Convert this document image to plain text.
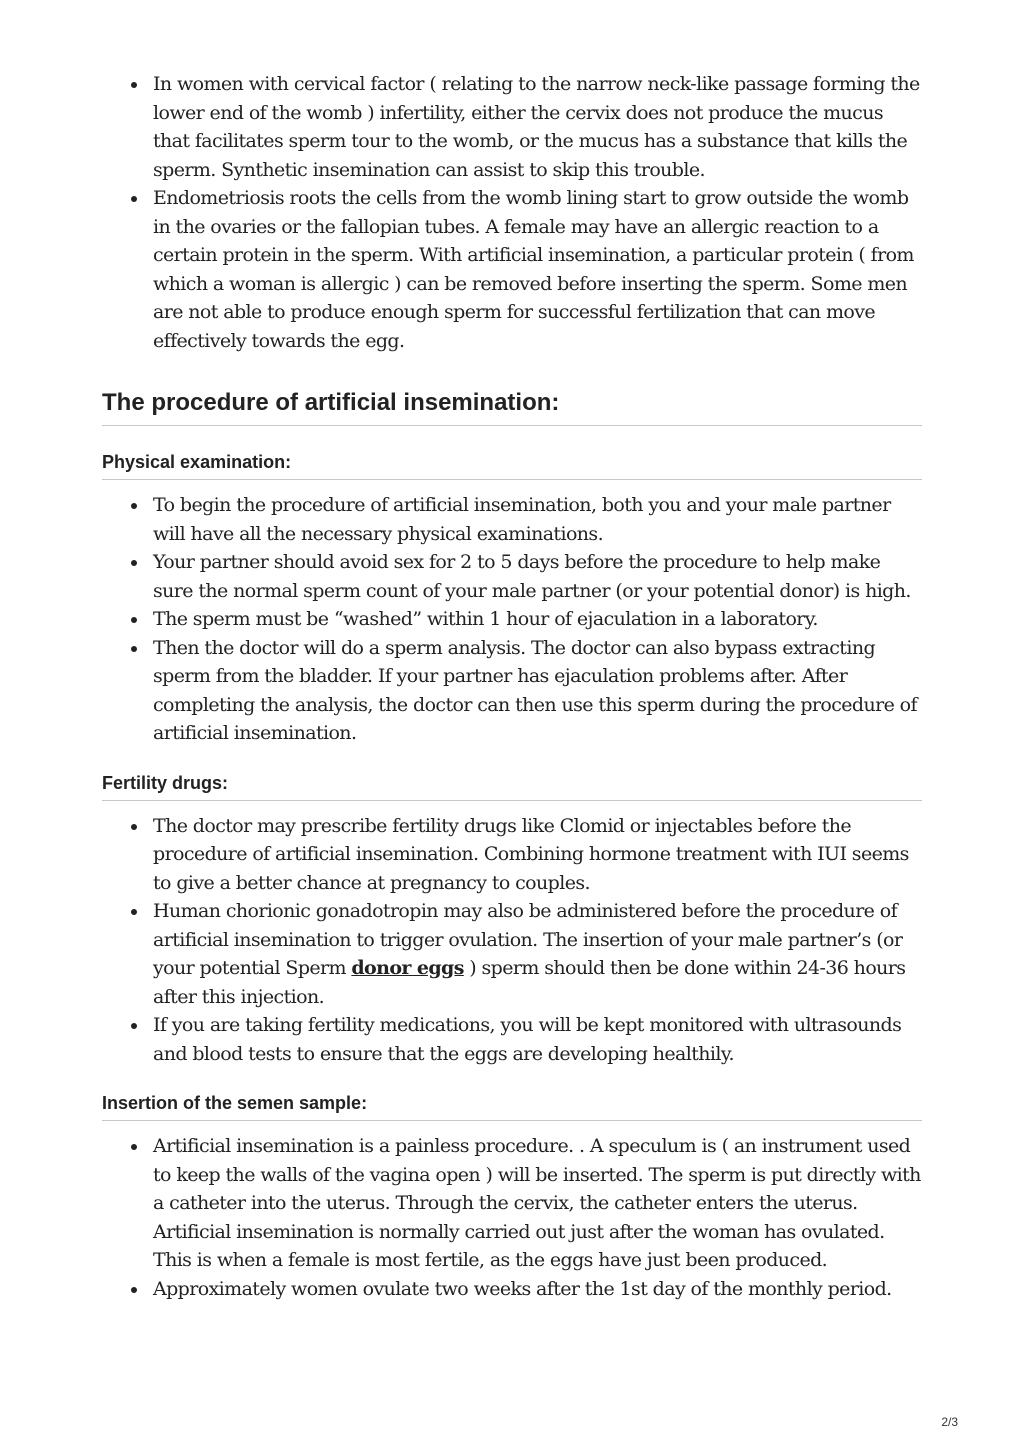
In women with cervical factor ( relating to the narrow neck-like passage forming the lower end of the womb ) infertility, either the cervix does not produce the mucus that facilitates sperm tour to the womb, or the mucus has a substance that kills the sperm. Synthetic insemination can assist to skip this trouble.
Endometriosis roots the cells from the womb lining start to grow outside the womb in the ovaries or the fallopian tubes. A female may have an allergic reaction to a certain protein in the sperm. With artificial insemination, a particular protein ( from which a woman is allergic ) can be removed before inserting the sperm. Some men are not able to produce enough sperm for successful fertilization that can move effectively towards the egg.
The procedure of artificial insemination:
Physical examination:
To begin the procedure of artificial insemination, both you and your male partner will have all the necessary physical examinations.
Your partner should avoid sex for 2 to 5 days before the procedure to help make sure the normal sperm count of your male partner (or your potential donor) is high.
The sperm must be “washed” within 1 hour of ejaculation in a laboratory.
Then the doctor will do a sperm analysis. The doctor can also bypass extracting sperm from the bladder. If your partner has ejaculation problems after. After completing the analysis, the doctor can then use this sperm during the procedure of artificial insemination.
Fertility drugs:
The doctor may prescribe fertility drugs like Clomid or injectables before the procedure of artificial insemination. Combining hormone treatment with IUI seems to give a better chance at pregnancy to couples.
Human chorionic gonadotropin may also be administered before the procedure of artificial insemination to trigger ovulation. The insertion of your male partner’s (or your potential Sperm donor eggs ) sperm should then be done within 24-36 hours after this injection.
If you are taking fertility medications, you will be kept monitored with ultrasounds and blood tests to ensure that the eggs are developing healthily.
Insertion of the semen sample:
Artificial insemination is a painless procedure. . A speculum is ( an instrument used to keep the walls of the vagina open ) will be inserted. The sperm is put directly with a catheter into the uterus. Through the cervix, the catheter enters the uterus. Artificial insemination is normally carried out just after the woman has ovulated. This is when a female is most fertile, as the eggs have just been produced.
Approximately women ovulate two weeks after the 1st day of the monthly period.
2/3
